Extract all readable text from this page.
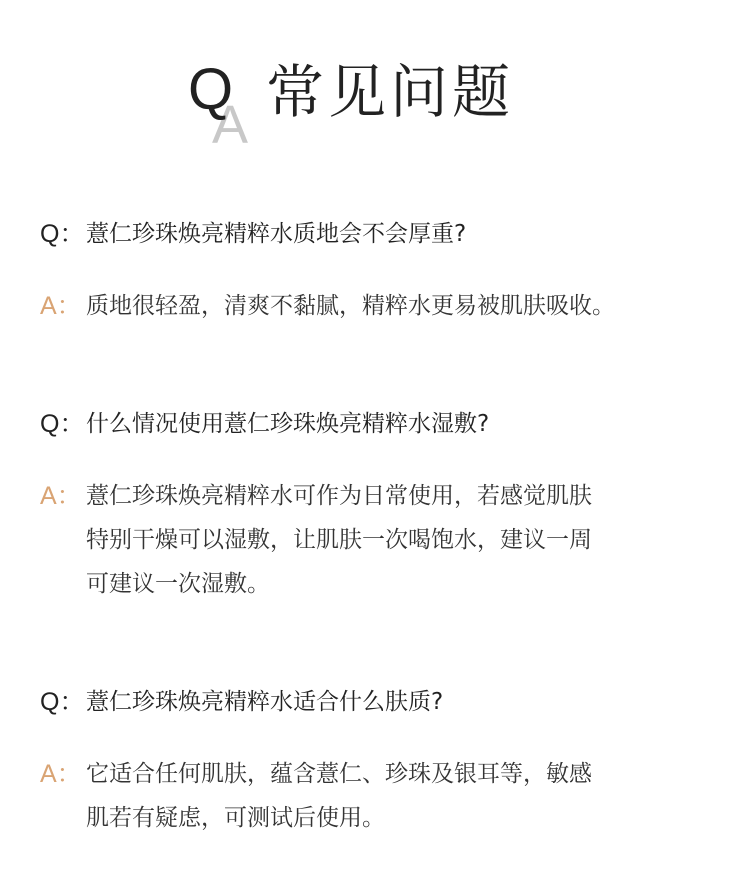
A
Q 常见问题
Q： 薏仁珍珠焕亮精粹水质地会不会厚重?
A： 质地很轻盈，清爽不黏腻，精粹水更易被肌肤吸收。
Q： 什么情况使用薏仁珍珠焕亮精粹水湿敷?
A： 薏仁珍珠焕亮精粹水可作为日常使用，若感觉肌肤
特别干燥可以湿敷，让肌肤一次喝饱水，建议一周
可建议一次湿敷。
Q： 薏仁珍珠焕亮精粹水适合什么肤质?
A： 它适合任何肌肤，蕴含薏仁、珍珠及银耳等，敏感
肌若有疑虑，可测试后使用。
